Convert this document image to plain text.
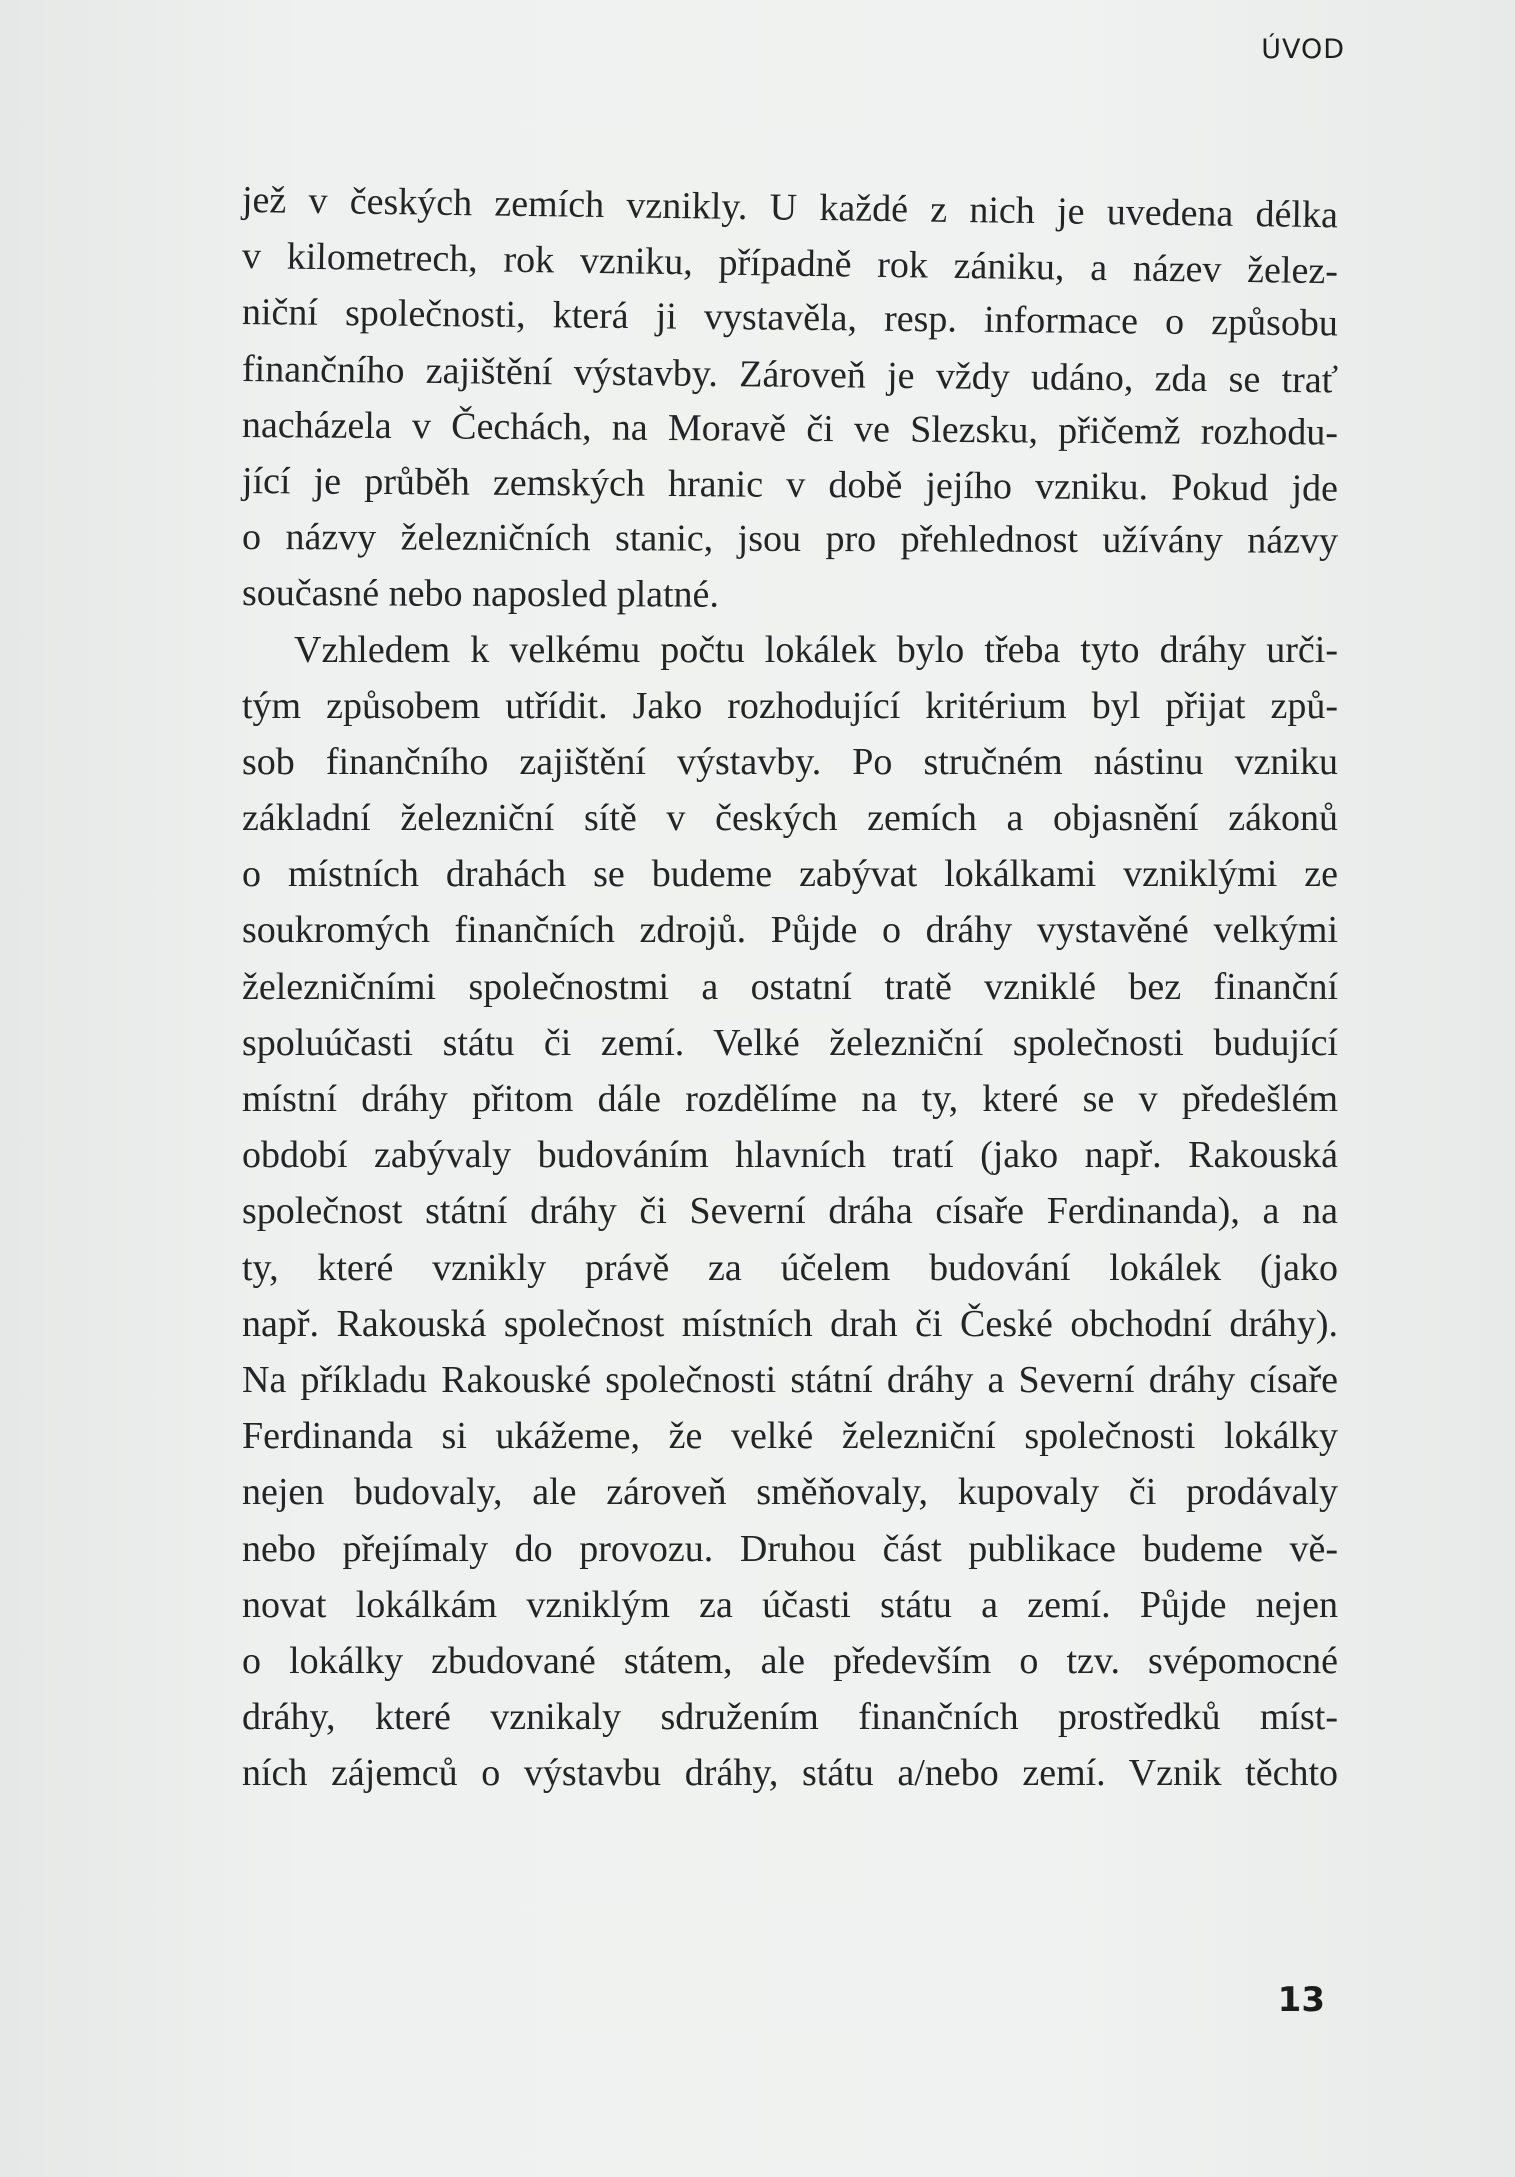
ÚVOD
jež v českých zemích vznikly. U každé z nich je uvedena délka
v kilometrech, rok vzniku, případně rok zániku, a název želez-
niční společnosti, která ji vystavěla, resp. informace o způsobu
finančního zajištění výstavby. Zároveň je vždy udáno, zda se trať
nacházela v Čechách, na Moravě či ve Slezsku, přičemž rozhodu-
jící je průběh zemských hranic v době jejího vzniku. Pokud jde
o názvy železničních stanic, jsou pro přehlednost užívány názvy
současné nebo naposled platné.
Vzhledem k velkému počtu lokálek bylo třeba tyto dráhy urči-
tým způsobem utřídit. Jako rozhodující kritérium byl přijat způ-
sob finančního zajištění výstavby. Po stručném nástinu vzniku
základní železniční sítě v českých zemích a objasnění zákonů
o místních drahách se budeme zabývat lokálkami vzniklými ze
soukromých finančních zdrojů. Půjde o dráhy vystavěné velkými
železničními společnostmi a ostatní tratě vzniklé bez finanční
spoluúčasti státu či zemí. Velké železniční společnosti budující
místní dráhy přitom dále rozdělíme na ty, které se v předešlém
období zabývaly budováním hlavních tratí (jako např. Rakouská
společnost státní dráhy či Severní dráha císaře Ferdinanda), a na
ty, které vznikly právě za účelem budování lokálek (jako
např. Rakouská společnost místních drah či České obchodní dráhy).
Na příkladu Rakouské společnosti státní dráhy a Severní dráhy císaře
Ferdinanda si ukážeme, že velké železniční společnosti lokálky
nejen budovaly, ale zároveň směňovaly, kupovaly či prodávaly
nebo přejímaly do provozu. Druhou část publikace budeme vě-
novat lokálkám vzniklým za účasti státu a zemí. Půjde nejen
o lokálky zbudované státem, ale především o tzv. svépomocné
dráhy, které vznikaly sdružením finančních prostředků míst-
ních zájemců o výstavbu dráhy, státu a/nebo zemí. Vznik těchto
13
